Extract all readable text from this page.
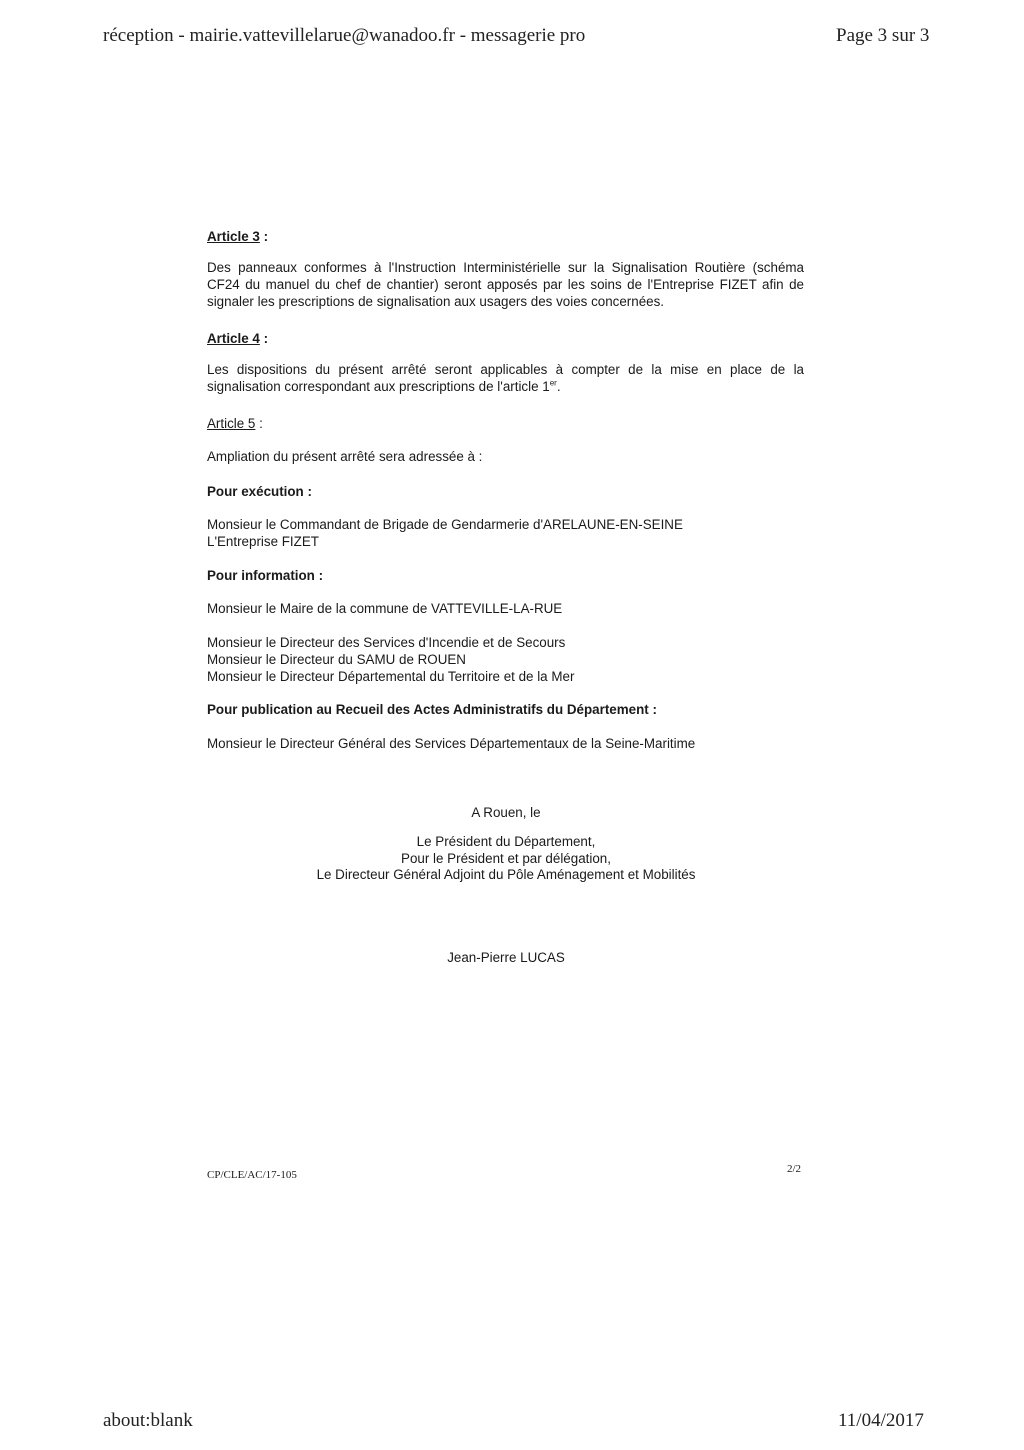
réception - mairie.vattevillelarue@wanadoo.fr - messagerie pro	Page 3 sur 3
Article 3 :
Des panneaux conformes à l'Instruction Interministérielle sur la Signalisation Routière (schéma CF24 du manuel du chef de chantier) seront apposés par les soins de l'Entreprise FIZET afin de signaler les prescriptions de signalisation aux usagers des voies concernées.
Article 4 :
Les dispositions du présent arrêté seront applicables à compter de la mise en place de la signalisation correspondant aux prescriptions de l'article 1er.
Article 5 :
Ampliation du présent arrêté sera adressée à :
Pour exécution :
Monsieur le Commandant de Brigade de Gendarmerie d'ARELAUNE-EN-SEINE
L'Entreprise FIZET
Pour information :
Monsieur le Maire de la commune de VATTEVILLE-LA-RUE
Monsieur le Directeur des Services d'Incendie et de Secours
Monsieur le Directeur du SAMU de ROUEN
Monsieur le Directeur Départemental du Territoire et de la Mer
Pour publication au Recueil des Actes Administratifs du Département :
Monsieur le Directeur Général des Services Départementaux de la Seine-Maritime
A Rouen, le
Le Président du Département,
Pour le Président et par délégation,
Le Directeur Général Adjoint du Pôle Aménagement et Mobilités
Jean-Pierre LUCAS
CP/CLE/AC/17-105	2/2
about:blank	11/04/2017
